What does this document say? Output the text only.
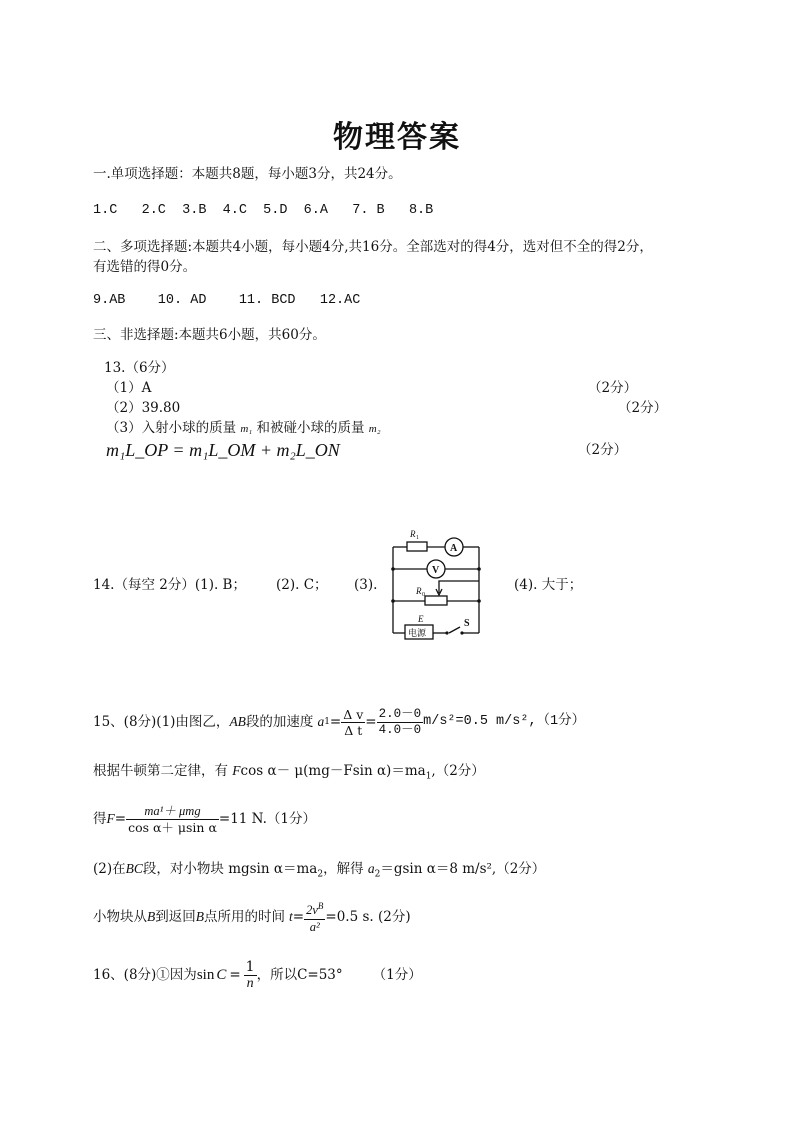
物理答案
一.单项选择题：本题共8题，每小题3分，共24分。
1.C   2.C  3.B  4.C  5.D  6.A   7. B   8.B
二、多项选择题:本题共4小题，每小题4分,共16分。全部选对的得4分，选对但不全的得2分，
有选错的得0分。
9.AB    10. AD    11. BCD   12.AC
三、非选择题:本题共6小题，共60分。
13.（6分）
（1）A	（2分）
（2）39.80	（2分）
（3）入射小球的质量 m₁ 和被碰小球的质量 m₂
m₁L_OP = m₁L_OM + m₂L_ON	（2分）
14.（每空 2分）(1). B； (2). C； (3).	(4). 大于；
R 1
A
V
R 0
E
电源
S
15、(8分)(1)由图乙， AB 段的加速度 a $1 = \frac{\text{Δ v}}{\text{Δ t}} = \frac{2.0-0}{4.0-0} m/s^2=0.5$ m/s²,（1分）
根据牛顿第二定律，有 Fcos α－ μ(mg－Fsin $\alpha)=ma_1,(2$分）
得 $F = \frac{\text{ma¹＋ μmg}}{\text{cos α＋ μsin α}} =11$ N.（1分）
(2)在BC段，对小物块 mgsin $\alpha=ma_2$，解得 $a_2=gsin$ α＝8 m/s²,（2分）
小物块从 B 到返回 B 点所用的时间 $t = \frac{2v^B}{\text{a²}} =0.5$ s. (2分)
16、(8分)①因为 $\sin C = \frac{1}{n}$ ，所以C=53° （1分）
